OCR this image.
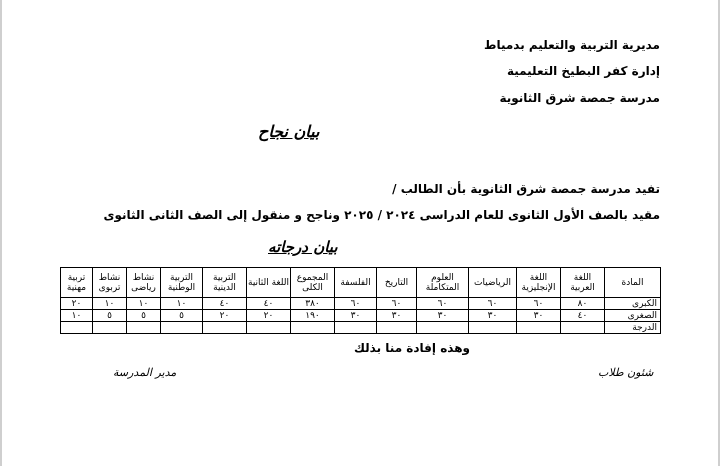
مديرية التربية والتعليم بدمياط
إدارة كفر البطيخ التعليمية
مدرسة جمصة شرق الثانوية
بيان نجاح
تفيد مدرسة جمصة شرق الثانوية بأن الطالب /
مقيد بالصف الأول الثانوى للعام الدراسى ٢٠٢٤ / ٢٠٢٥ وناجح و منقول إلى الصف الثانى الثانوى
بيان درجاته
المادة	اللغة العربية	اللغة الإنجليزية	الرياضيات	العلوم المتكاملة	التاريخ	الفلسفة	المجموع الكلى	اللغة الثانية	التربية الدينية	التربية الوطنية	نشاط رياضى	نشاط تربوى	تربية مهنية
الكبرى	٨٠	٦٠	٦٠	٦٠	٦٠	٦٠	٣٨٠	٤٠	٤٠	١٠	١٠	١٠	٢٠
الصغرى	٤٠	٣٠	٣٠	٣٠	٣٠	٣٠	١٩٠	٢٠	٢٠	٥	٥	٥	١٠
الدرجة													
وهذه إفادة منا بذلك
شئون طلاب
مدير المدرسة
